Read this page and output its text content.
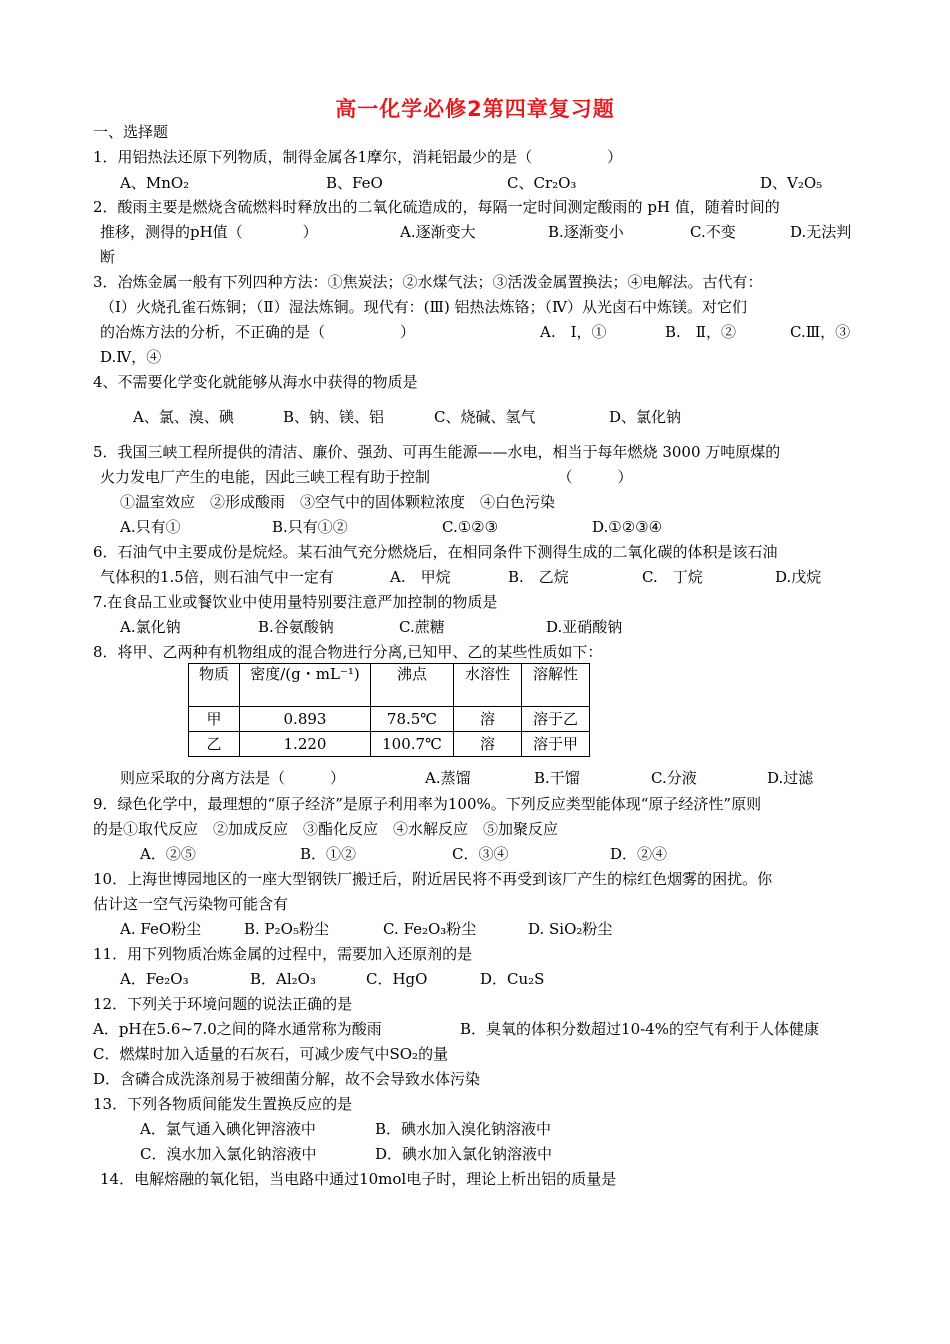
高一化学必修2第四章复习题
一、选择题
1．用铝热法还原下列物质，制得金属各1摩尔，消耗铝最少的是（　　　　　）
A、MnO₂	B、FeO	C、Cr₂O₃	D、V₂O₅
2．酸雨主要是燃烧含硫燃料时释放出的二氧化硫造成的，每隔一定时间测定酸雨的 pH 值，随着时间的
推移，测得的pH值（　　　　）	A.逐渐变大	B.逐渐变小	C.不变	D.无法判
断
3．冶炼金属一般有下列四种方法：①焦炭法；②水煤气法；③活泼金属置换法；④电解法。古代有：
（Ⅰ）火烧孔雀石炼铜；（Ⅱ）湿法炼铜。现代有：(Ⅲ) 铝热法炼铬；（Ⅳ）从光卤石中炼镁。对它们
的冶炼方法的分析，不正确的是（　　　　　）	A.　Ⅰ，①	B.　Ⅱ，②	C.Ⅲ，③
D.Ⅳ，④
4、不需要化学变化就能够从海水中获得的物质是
A、氯、溴、碘	B、钠、镁、铝	C、烧碱、氢气	D、氯化钠
5．我国三峡工程所提供的清洁、廉价、强劲、可再生能源——水电，相当于每年燃烧 3000 万吨原煤的
火力发电厂产生的电能，因此三峡工程有助于控制　　　　　　　　　（　　　）
①温室效应　②形成酸雨　③空气中的固体颗粒浓度　④白色污染
A.只有①	B.只有①②	C.①②③	D.①②③④
6．石油气中主要成份是烷烃。某石油气充分燃烧后，在相同条件下测得生成的二氧化碳的体积是该石油
气体积的1.5倍，则石油气中一定有	A.　甲烷	B.　乙烷	C.　丁烷	D.戊烷
7.在食品工业或餐饮业中使用量特别要注意严加控制的物质是
A.氯化钠	B.谷氨酸钠	C.蔗糖	D.亚硝酸钠
8．将甲、乙两种有机物组成的混合物进行分离,已知甲、乙的某些性质如下：
物质	密度/(g・mL⁻¹)	沸点	水溶性	溶解性
甲	0.893	78.5℃	溶	溶于乙
乙	1.220	100.7℃	溶	溶于甲
则应采取的分离方法是（　　　）	A.蒸馏	B.干馏	C.分液	D.过滤
9．绿色化学中，最理想的“原子经济”是原子利用率为100%。下列反应类型能体现“原子经济性”原则
的是①取代反应　②加成反应　③酯化反应　④水解反应　⑤加聚反应
A．②⑤	B．①②	C．③④	D．②④
10．上海世博园地区的一座大型钢铁厂搬迁后，附近居民将不再受到该厂产生的棕红色烟雾的困扰。你
估计这一空气污染物可能含有
A. FeO粉尘	B. P₂O₅粉尘	C. Fe₂O₃粉尘	D. SiO₂粉尘
11．用下列物质冶炼金属的过程中，需要加入还原剂的是
A．Fe₂O₃	B．Al₂O₃	C．HgO	D．Cu₂S
12．下列关于环境问题的说法正确的是
A．pH在5.6~7.0之间的降水通常称为酸雨	B．臭氧的体积分数超过10-4%的空气有利于人体健康
C．燃煤时加入适量的石灰石，可减少废气中SO₂的量
D．含磷合成洗涤剂易于被细菌分解，故不会导致水体污染
13．下列各物质间能发生置换反应的是
A．氯气通入碘化钾溶液中	B．碘水加入溴化钠溶液中
C．溴水加入氯化钠溶液中	D．碘水加入氯化钠溶液中
14．电解熔融的氧化铝，当电路中通过10mol电子时，理论上析出铝的质量是
